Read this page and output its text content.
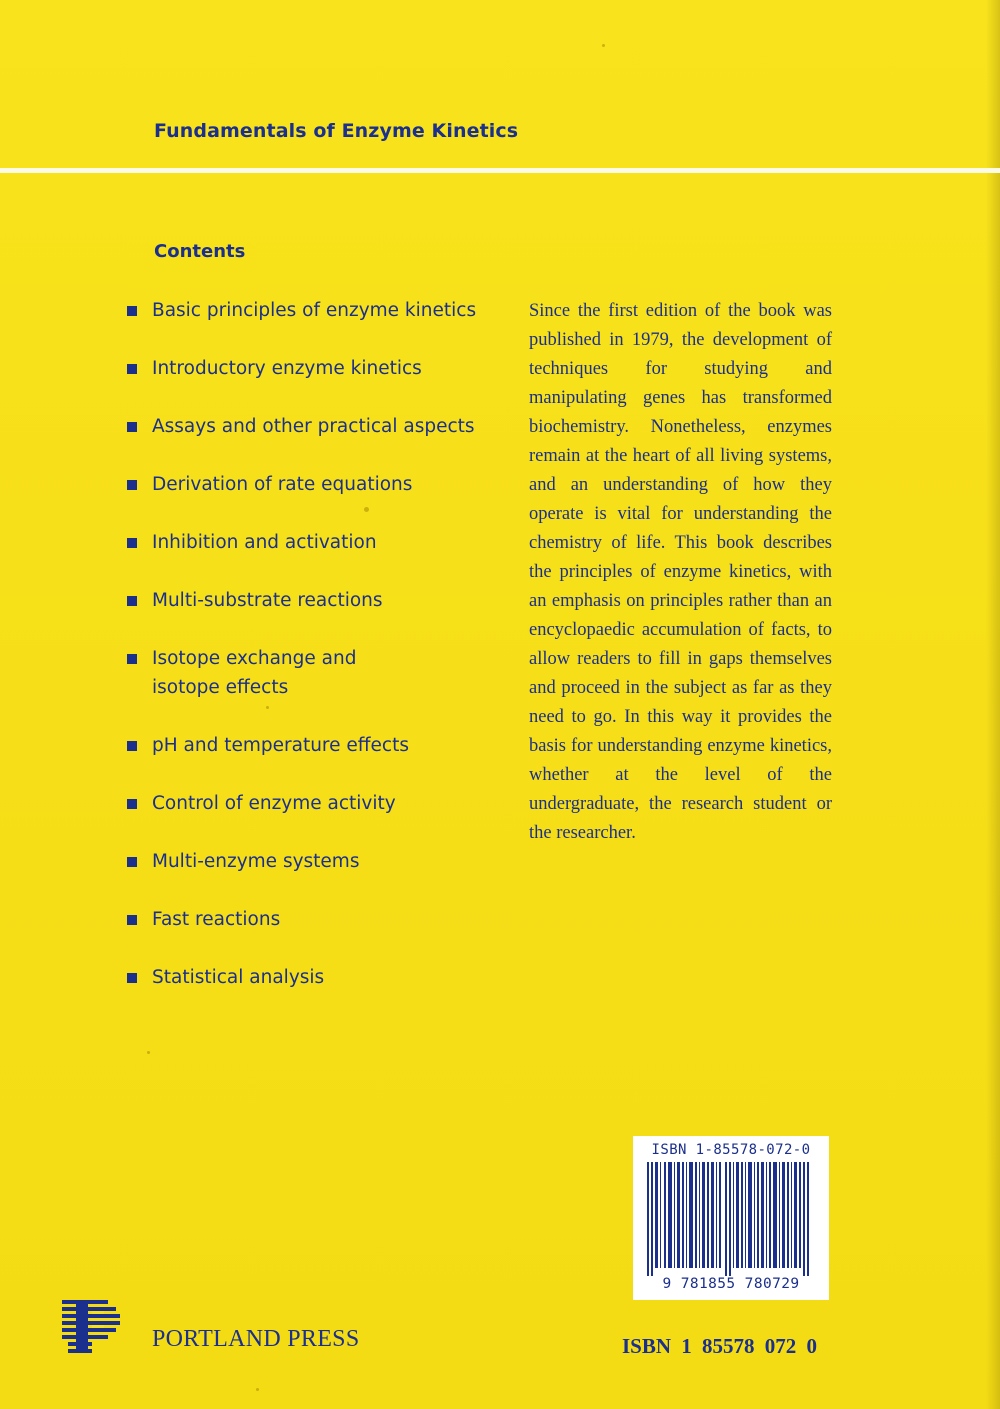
Fundamentals of Enzyme Kinetics
Contents
Basic principles of enzyme kinetics
Introductory enzyme kinetics
Assays and other practical aspects
Derivation of rate equations
Inhibition and activation
Multi-substrate reactions
Isotope exchange and isotope effects
pH and temperature effects
Control of enzyme activity
Multi-enzyme systems
Fast reactions
Statistical analysis

Since the first edition of the book was published in 1979, the development of techniques for studying and manipulating genes has transformed biochemistry. Nonetheless, enzymes remain at the heart of all living systems, and an understanding of how they operate is vital for understanding the chemistry of life. This book describes the principles of enzyme kinetics, with an emphasis on principles rather than an encyclopaedic accumulation of facts, to allow readers to fill in gaps themselves and proceed in the subject as far as they need to go. In this way it provides the basis for understanding enzyme kinetics, whether at the level of the undergraduate, the research student or the researcher.

ISBN 1-85578-072-0
9 781855 780729
PORTLAND PRESS	ISBN 1 85578 072 0
